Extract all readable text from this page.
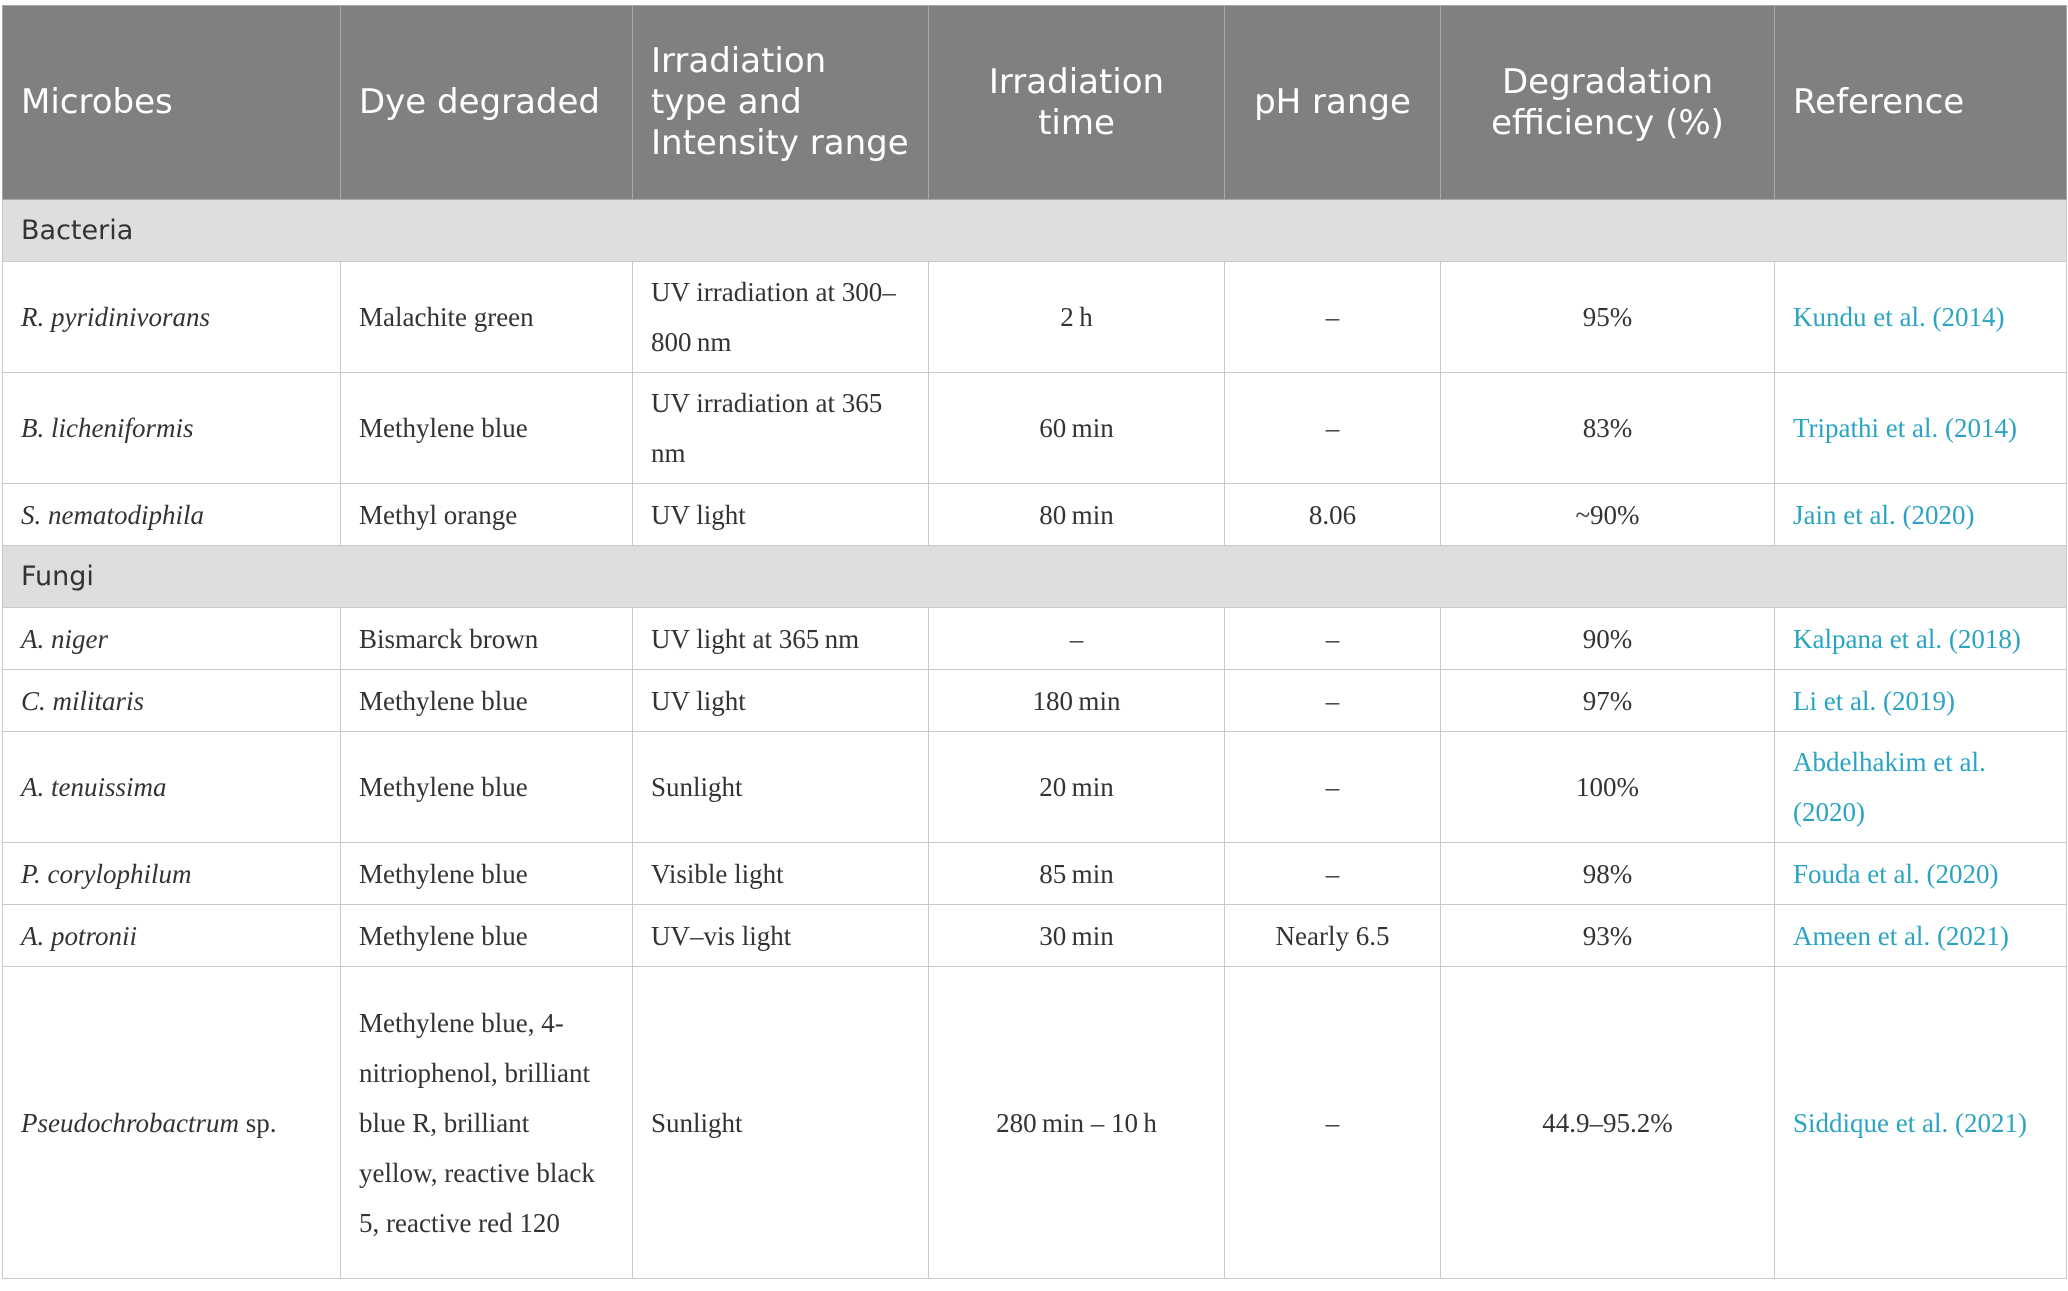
Microbes	Dye degraded	Irradiation type and Intensity range	Irradiation time	pH range	Degradation efficiency (%)	Reference
Bacteria						
R. pyridinivorans	Malachite green	UV irradiation at 300–800 nm	2 h	–	95%	Kundu et al. (2014)
B. licheniformis	Methylene blue	UV irradiation at 365 nm	60 min	–	83%	Tripathi et al. (2014)
S. nematodiphila	Methyl orange	UV light	80 min	8.06	~90%	Jain et al. (2020)
Fungi						
A. niger	Bismarck brown	UV light at 365 nm	–	–	90%	Kalpana et al. (2018)
C. militaris	Methylene blue	UV light	180 min	–	97%	Li et al. (2019)
A. tenuissima	Methylene blue	Sunlight	20 min	–	100%	Abdelhakim et al. (2020)
P. corylophilum	Methylene blue	Visible light	85 min	–	98%	Fouda et al. (2020)
A. potronii	Methylene blue	UV–vis light	30 min	Nearly 6.5	93%	Ameen et al. (2021)
Pseudochrobactrum sp.	Methylene blue, 4-nitriophenol, brilliant blue R, brilliant yellow, reactive black 5, reactive red 120	Sunlight	280 min – 10 h	–	44.9–95.2%	Siddique et al. (2021)
